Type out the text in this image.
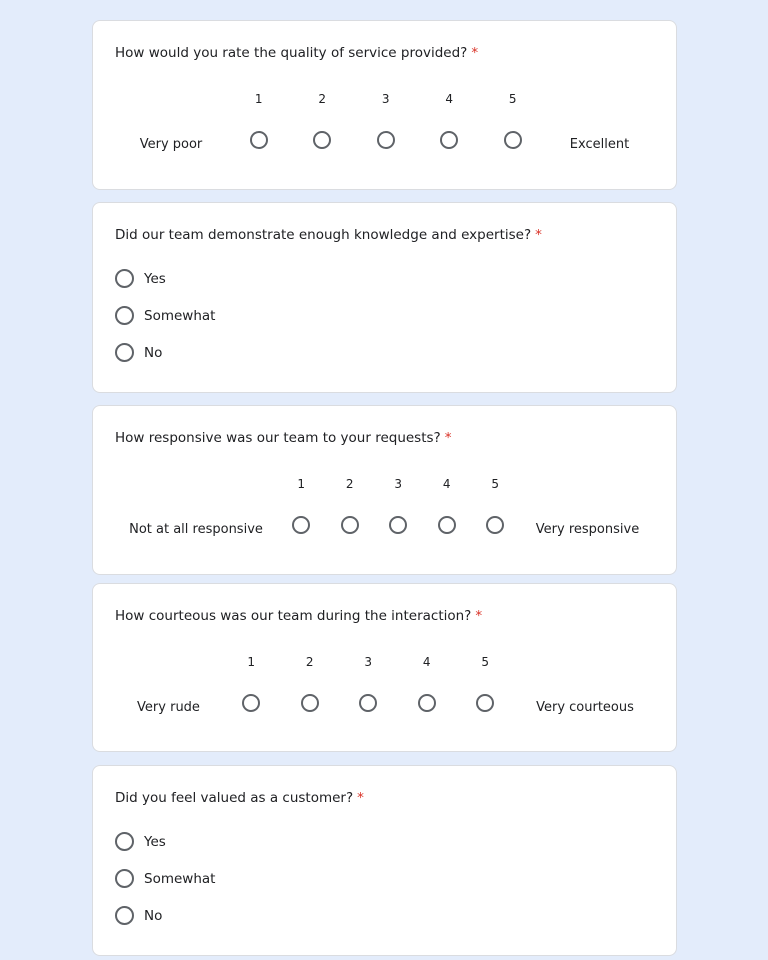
How would you rate the quality of service provided? *
Very poor
1	2	3	4	5
Excellent
Did our team demonstrate enough knowledge and expertise? *
Yes
Somewhat
No
How responsive was our team to your requests? *
Not at all responsive
1	2	3	4	5
Very responsive
How courteous was our team during the interaction? *
Very rude
1	2	3	4	5
Very courteous
Did you feel valued as a customer? *
Yes
Somewhat
No
